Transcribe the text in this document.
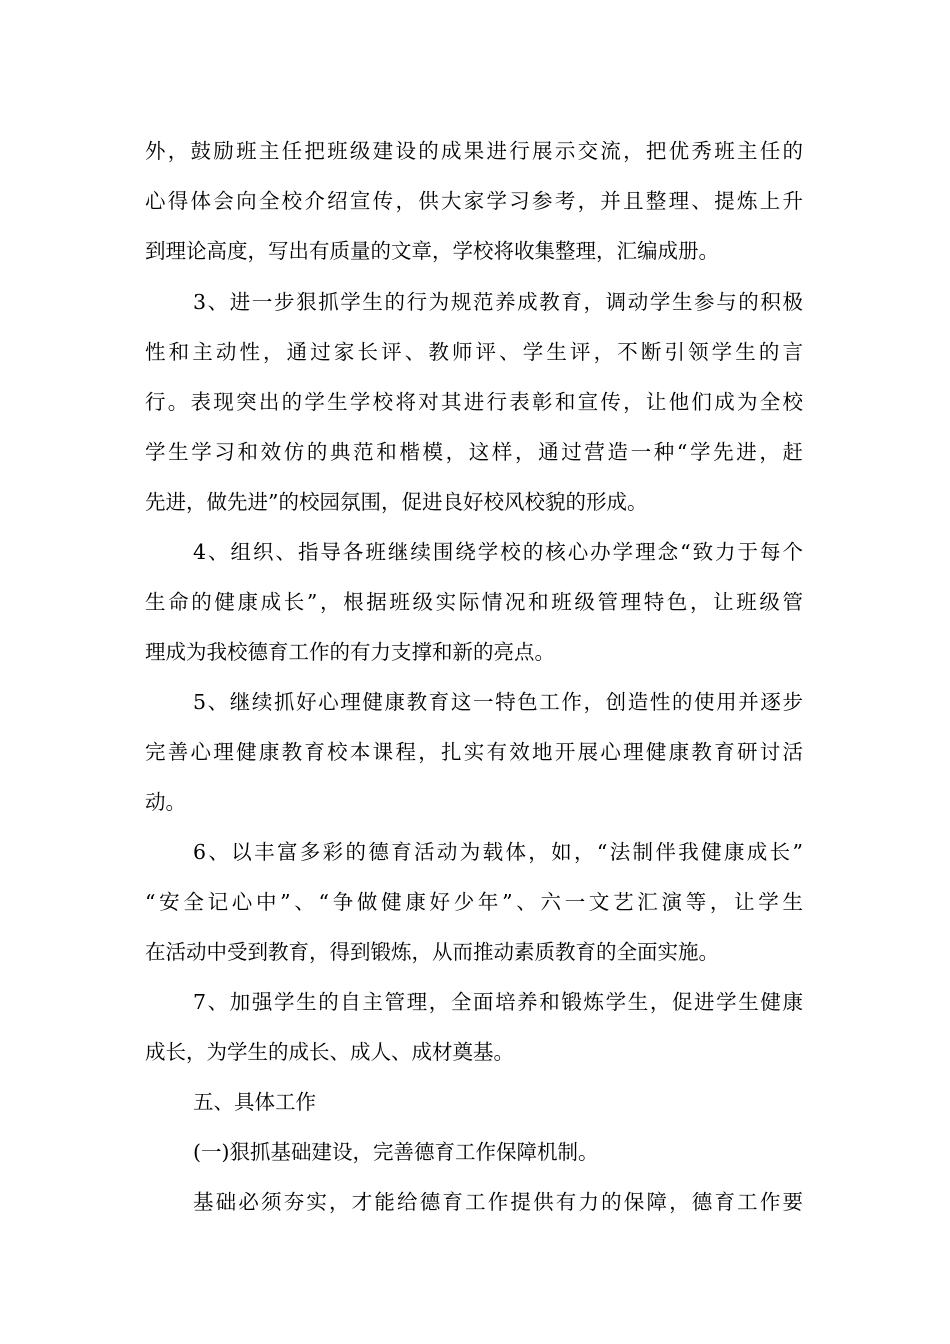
外，鼓励班主任把班级建设的成果进行展示交流，把优秀班主任的
心得体会向全校介绍宣传，供大家学习参考，并且整理、提炼上升
到理论高度，写出有质量的文章，学校将收集整理，汇编成册。
3、进一步狠抓学生的行为规范养成教育，调动学生参与的积极
性和主动性，通过家长评、教师评、学生评，不断引领学生的言
行。表现突出的学生学校将对其进行表彰和宣传，让他们成为全校
学生学习和效仿的典范和楷模，这样，通过营造一种“学先进，赶
先进，做先进”的校园氛围，促进良好校风校貌的形成。
4、组织、指导各班继续围绕学校的核心办学理念“致力于每个
生命的健康成长”，根据班级实际情况和班级管理特色，让班级管
理成为我校德育工作的有力支撑和新的亮点。
5、继续抓好心理健康教育这一特色工作，创造性的使用并逐步
完善心理健康教育校本课程，扎实有效地开展心理健康教育研讨活
动。
6、以丰富多彩的德育活动为载体，如，“法制伴我健康成长”
“安全记心中”、“争做健康好少年”、六一文艺汇演等，让学生
在活动中受到教育，得到锻炼，从而推动素质教育的全面实施。
7、加强学生的自主管理，全面培养和锻炼学生，促进学生健康
成长，为学生的成长、成人、成材奠基。
五、具体工作
(一)狠抓基础建设，完善德育工作保障机制。
基础必须夯实，才能给德育工作提供有力的保障，德育工作要
